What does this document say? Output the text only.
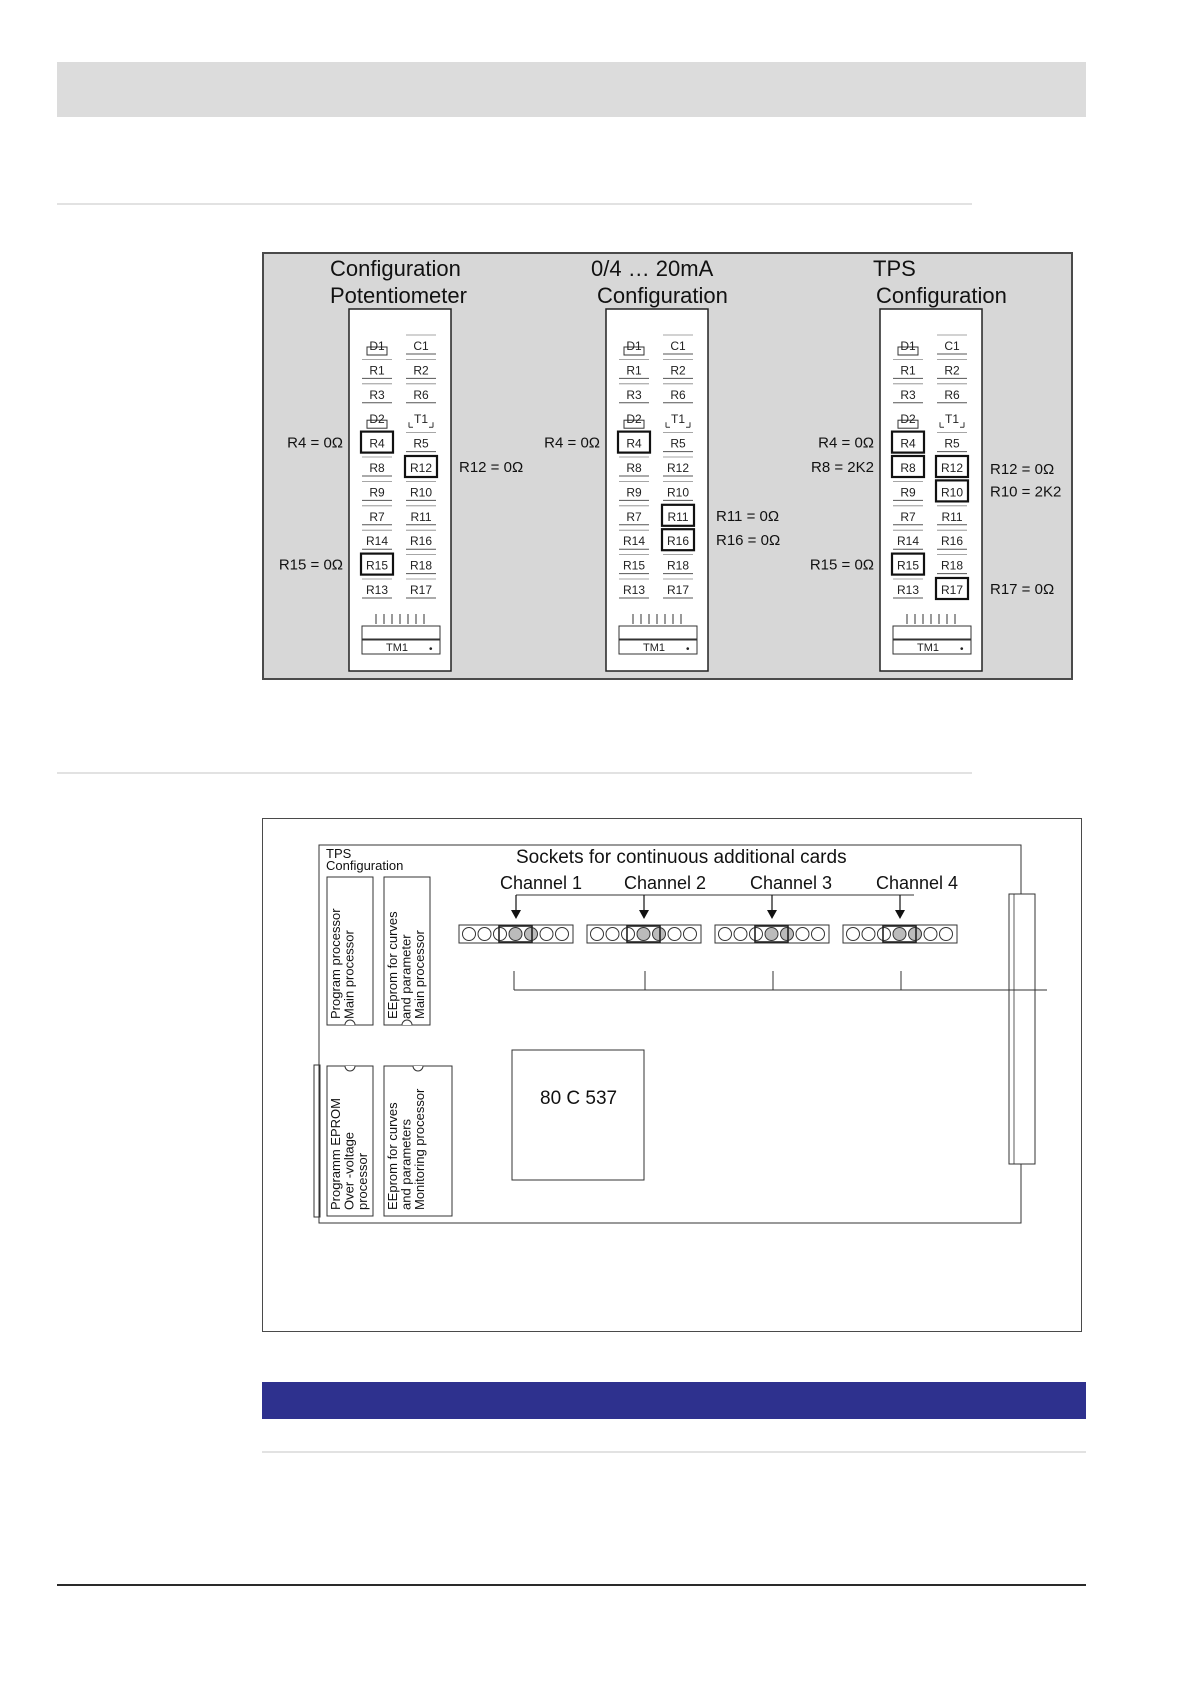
Configuration
Potentiometer
D1 C1
R1 R2
R3 R6
D2 T1
R4 R5
R8 R12
R9 R10
R7 R11
R14 R16
R15 R18
R13 R17
TM1 •
R4 = 0Ω
R12 = 0Ω
R15 = 0Ω
0/4 … 20mA
Configuration
D1 C1
R1 R2
R3 R6
D2 T1
R4 R5
R8 R12
R9 R10
R7 R11
R14 R16
R15 R18
R13 R17
TM1 •
R4 = 0Ω
R11 = 0Ω
R16 = 0Ω
TPS
Configuration
D1 C1
R1 R2
R3 R6
D2 T1
R4 R5
R8 R12
R9 R10
R7 R11
R14 R16
R15 R18
R13 R17
TM1 •
R4 = 0Ω
R8 = 2K2	R12 = 0Ω
R10 = 2K2
R15 = 0Ω
R17 = 0Ω
TPS
Configuration
Program processor
Main processor EEprom for curves
and parameter
Main processor
Programm EPROM
Over -voltage
processor EEprom for curves
and parameters
Monitoring processor
Sockets for continuous additional cards
Channel 1 Channel 2 Channel 3 Channel 4
80 C 537
